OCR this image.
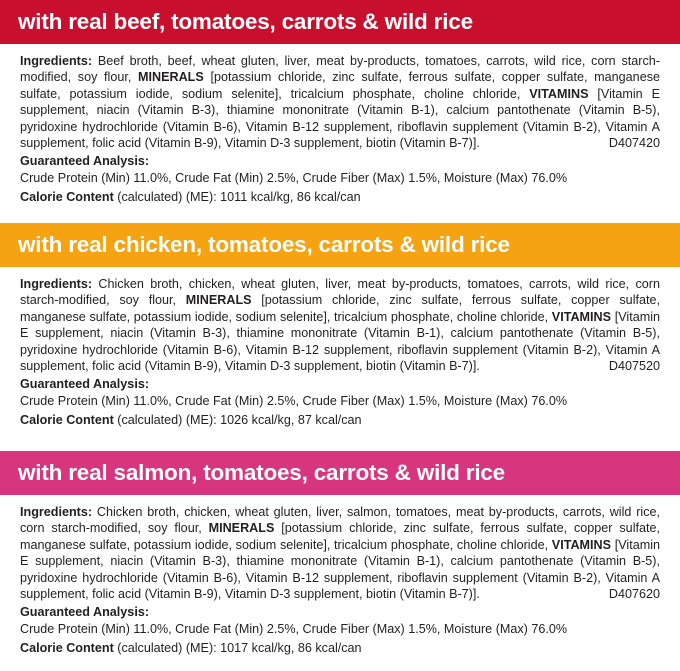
with real beef, tomatoes, carrots & wild rice

Ingredients: Beef broth, beef, wheat gluten, liver, meat by-products, tomatoes, carrots, wild rice, corn starch-modified, soy flour, MINERALS [potassium chloride, zinc sulfate, ferrous sulfate, copper sulfate, manganese sulfate, potassium iodide, sodium selenite], tricalcium phosphate, choline chloride, VITAMINS [Vitamin E supplement, niacin (Vitamin B-3), thiamine mononitrate (Vitamin B-1), calcium pantothenate (Vitamin B-5), pyridoxine hydrochloride (Vitamin B-6), Vitamin B-12 supplement, riboflavin supplement (Vitamin B-2), Vitamin A supplement, folic acid (Vitamin B-9), Vitamin D-3 supplement, biotin (Vitamin B-7)].	D407420

Guaranteed Analysis:

Crude Protein (Min) 11.0%, Crude Fat (Min) 2.5%, Crude Fiber (Max) 1.5%, Moisture (Max) 76.0%

Calorie Content (calculated) (ME): 1011 kcal/kg, 86 kcal/can

with real chicken, tomatoes, carrots & wild rice

Ingredients: Chicken broth, chicken, wheat gluten, liver, meat by-products, tomatoes, carrots, wild rice, corn starch-modified, soy flour, MINERALS [potassium chloride, zinc sulfate, ferrous sulfate, copper sulfate, manganese sulfate, potassium iodide, sodium selenite], tricalcium phosphate, choline chloride, VITAMINS [Vitamin E supplement, niacin (Vitamin B-3), thiamine mononitrate (Vitamin B-1), calcium pantothenate (Vitamin B-5), pyridoxine hydrochloride (Vitamin B-6), Vitamin B-12 supplement, riboflavin supplement (Vitamin B-2), Vitamin A supplement, folic acid (Vitamin B-9), Vitamin D-3 supplement, biotin (Vitamin B-7)].	D407520

Guaranteed Analysis:

Crude Protein (Min) 11.0%, Crude Fat (Min) 2.5%, Crude Fiber (Max) 1.5%, Moisture (Max) 76.0%

Calorie Content (calculated) (ME): 1026 kcal/kg, 87 kcal/can

with real salmon, tomatoes, carrots & wild rice

Ingredients: Chicken broth, chicken, wheat gluten, liver, salmon, tomatoes, meat by-products, carrots, wild rice, corn starch-modified, soy flour, MINERALS [potassium chloride, zinc sulfate, ferrous sulfate, copper sulfate, manganese sulfate, potassium iodide, sodium selenite], tricalcium phosphate, choline chloride, VITAMINS [Vitamin E supplement, niacin (Vitamin B-3), thiamine mononitrate (Vitamin B-1), calcium pantothenate (Vitamin B-5), pyridoxine hydrochloride (Vitamin B-6), Vitamin B-12 supplement, riboflavin supplement (Vitamin B-2), Vitamin A supplement, folic acid (Vitamin B-9), Vitamin D-3 supplement, biotin (Vitamin B-7)].	D407620

Guaranteed Analysis:

Crude Protein (Min) 11.0%, Crude Fat (Min) 2.5%, Crude Fiber (Max) 1.5%, Moisture (Max) 76.0%

Calorie Content (calculated) (ME): 1017 kcal/kg, 86 kcal/can
